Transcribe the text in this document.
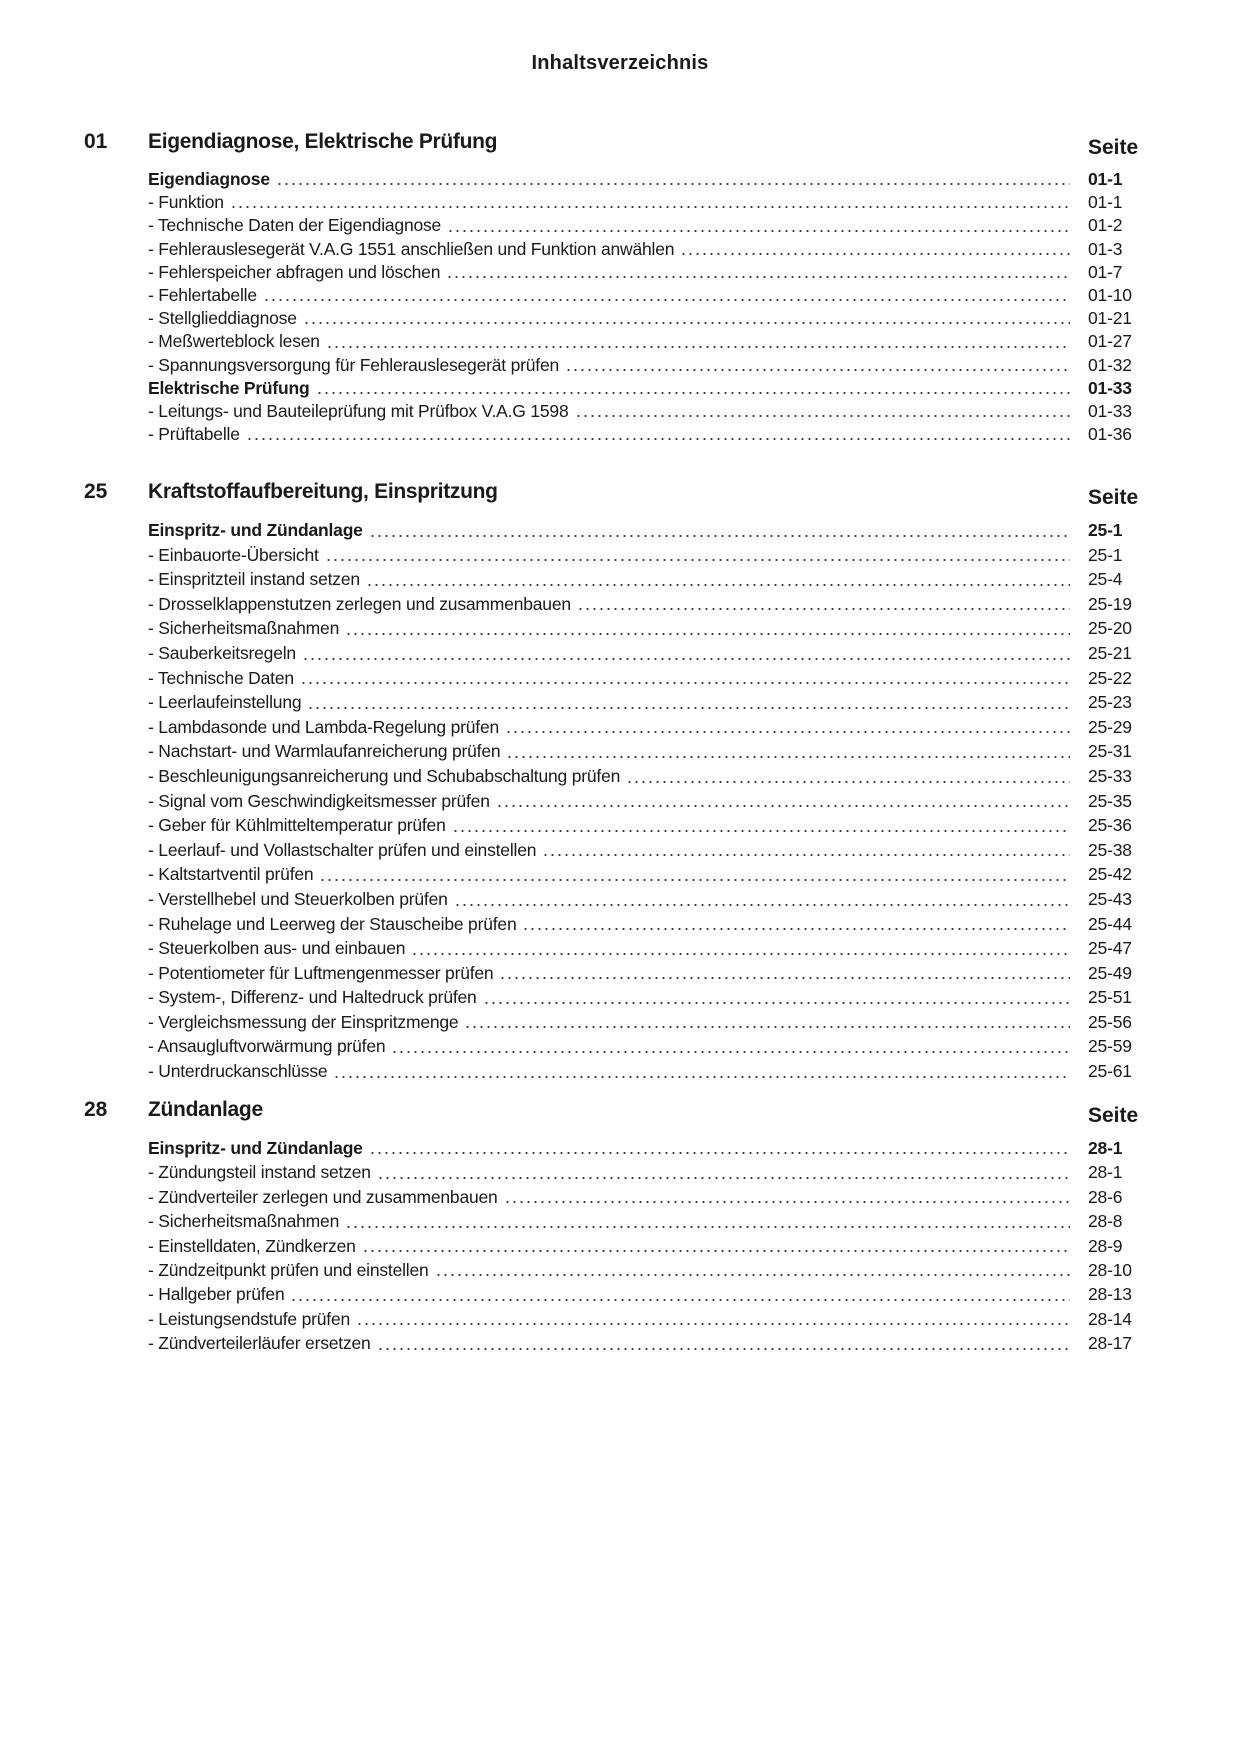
Inhaltsverzeichnis
01 Eigendiagnose, Elektrische Prüfung	Seite
Eigendiagnose	01-1
- Funktion	01-1
- Technische Daten der Eigendiagnose	01-2
- Fehlerauslesegerät V.A.G 1551 anschließen und Funktion anwählen	01-3
- Fehlerspeicher abfragen und löschen	01-7
- Fehlertabelle	01-10
- Stellglieddiagnose	01-21
- Meßwerteblock lesen	01-27
- Spannungsversorgung für Fehlerauslesegerät prüfen	01-32
Elektrische Prüfung	01-33
- Leitungs- und Bauteileprüfung mit Prüfbox V.A.G 1598	01-33
- Prüftabelle	01-36
25 Kraftstoffaufbereitung, Einspritzung	Seite
Einspritz- und Zündanlage	25-1
- Einbauorte-Übersicht	25-1
- Einspritzteil instand setzen	25-4
- Drosselklappenstutzen zerlegen und zusammenbauen	25-19
- Sicherheitsmaßnahmen	25-20
- Sauberkeitsregeln	25-21
- Technische Daten	25-22
- Leerlaufeinstellung	25-23
- Lambdasonde und Lambda-Regelung prüfen	25-29
- Nachstart- und Warmlaufanreicherung prüfen	25-31
- Beschleunigungsanreicherung und Schubabschaltung prüfen	25-33
- Signal vom Geschwindigkeitsmesser prüfen	25-35
- Geber für Kühlmitteltemperatur prüfen	25-36
- Leerlauf- und Vollastschalter prüfen und einstellen	25-38
- Kaltstartventil prüfen	25-42
- Verstellhebel und Steuerkolben prüfen	25-43
- Ruhelage und Leerweg der Stauscheibe prüfen	25-44
- Steuerkolben aus- und einbauen	25-47
- Potentiometer für Luftmengenmesser prüfen	25-49
- System-, Differenz- und Haltedruck prüfen	25-51
- Vergleichsmessung der Einspritzmenge	25-56
- Ansaugluftvorwärmung prüfen	25-59
- Unterdruckanschlüsse	25-61
28 Zündanlage	Seite
Einspritz- und Zündanlage	28-1
- Zündungsteil instand setzen	28-1
- Zündverteiler zerlegen und zusammenbauen	28-6
- Sicherheitsmaßnahmen	28-8
- Einstelldaten, Zündkerzen	28-9
- Zündzeitpunkt prüfen und einstellen	28-10
- Hallgeber prüfen	28-13
- Leistungsendstufe prüfen	28-14
- Zündverteilerläufer ersetzen	28-17
